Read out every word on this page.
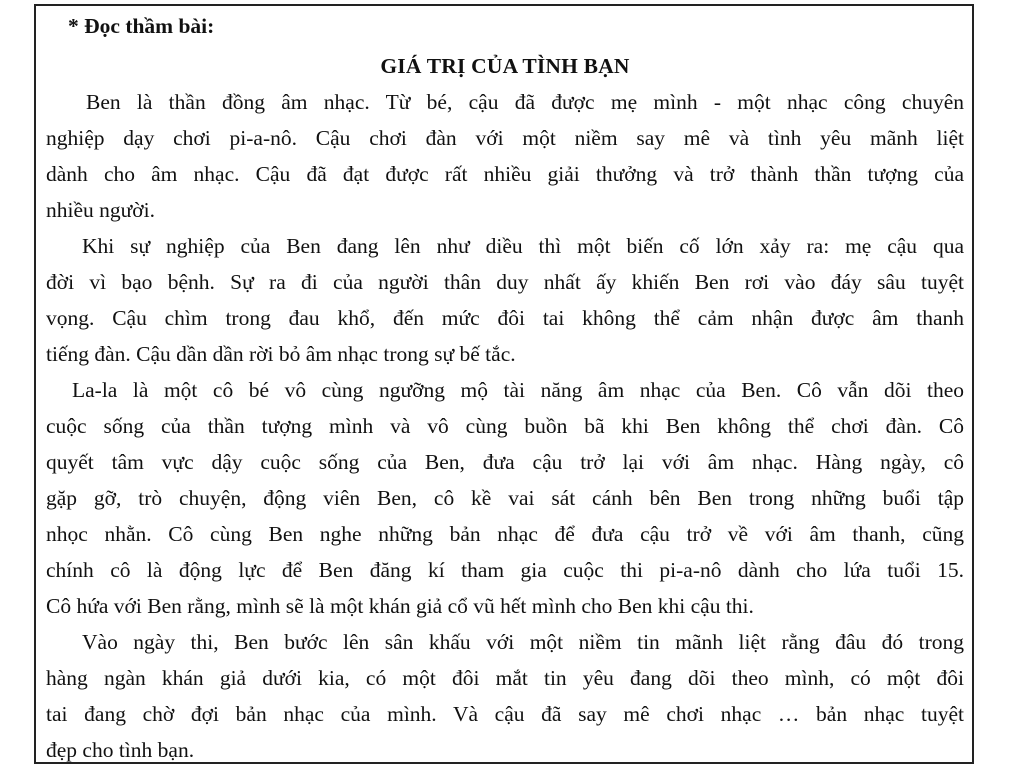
* Đọc thầm bài:
GIÁ TRỊ CỦA TÌNH BẠN
Ben là thần đồng âm nhạc. Từ bé, cậu đã được mẹ mình - một nhạc công chuyên
nghiệp dạy chơi pi-a-nô. Cậu chơi đàn với một niềm say mê và tình yêu mãnh liệt
dành cho âm nhạc. Cậu đã đạt được rất nhiều giải thưởng và trở thành thần tượng của
nhiều người.
Khi sự nghiệp của Ben đang lên như diều thì một biến cố lớn xảy ra: mẹ cậu qua
đời vì bạo bệnh. Sự ra đi của người thân duy nhất ấy khiến Ben rơi vào đáy sâu tuyệt
vọng. Cậu chìm trong đau khổ, đến mức đôi tai không thể cảm nhận được âm thanh
tiếng đàn. Cậu dần dần rời bỏ âm nhạc trong sự bế tắc.
La-la là một cô bé vô cùng ngưỡng mộ tài năng âm nhạc của Ben. Cô vẫn dõi theo
cuộc sống của thần tượng mình và vô cùng buồn bã khi Ben không thể chơi đàn. Cô
quyết tâm vực dậy cuộc sống của Ben, đưa cậu trở lại với âm nhạc. Hàng ngày, cô
gặp gỡ, trò chuyện, động viên Ben, cô kề vai sát cánh bên Ben trong những buổi tập
nhọc nhằn. Cô cùng Ben nghe những bản nhạc để đưa cậu trở về với âm thanh, cũng
chính cô là động lực để Ben đăng kí tham gia cuộc thi pi-a-nô dành cho lứa tuổi 15.
Cô hứa với Ben rằng, mình sẽ là một khán giả cổ vũ hết mình cho Ben khi cậu thi.
Vào ngày thi, Ben bước lên sân khấu với một niềm tin mãnh liệt rằng đâu đó trong
hàng ngàn khán giả dưới kia, có một đôi mắt tin yêu đang dõi theo mình, có một đôi
tai đang chờ đợi bản nhạc của mình. Và cậu đã say mê chơi nhạc … bản nhạc tuyệt
đẹp cho tình bạn.
